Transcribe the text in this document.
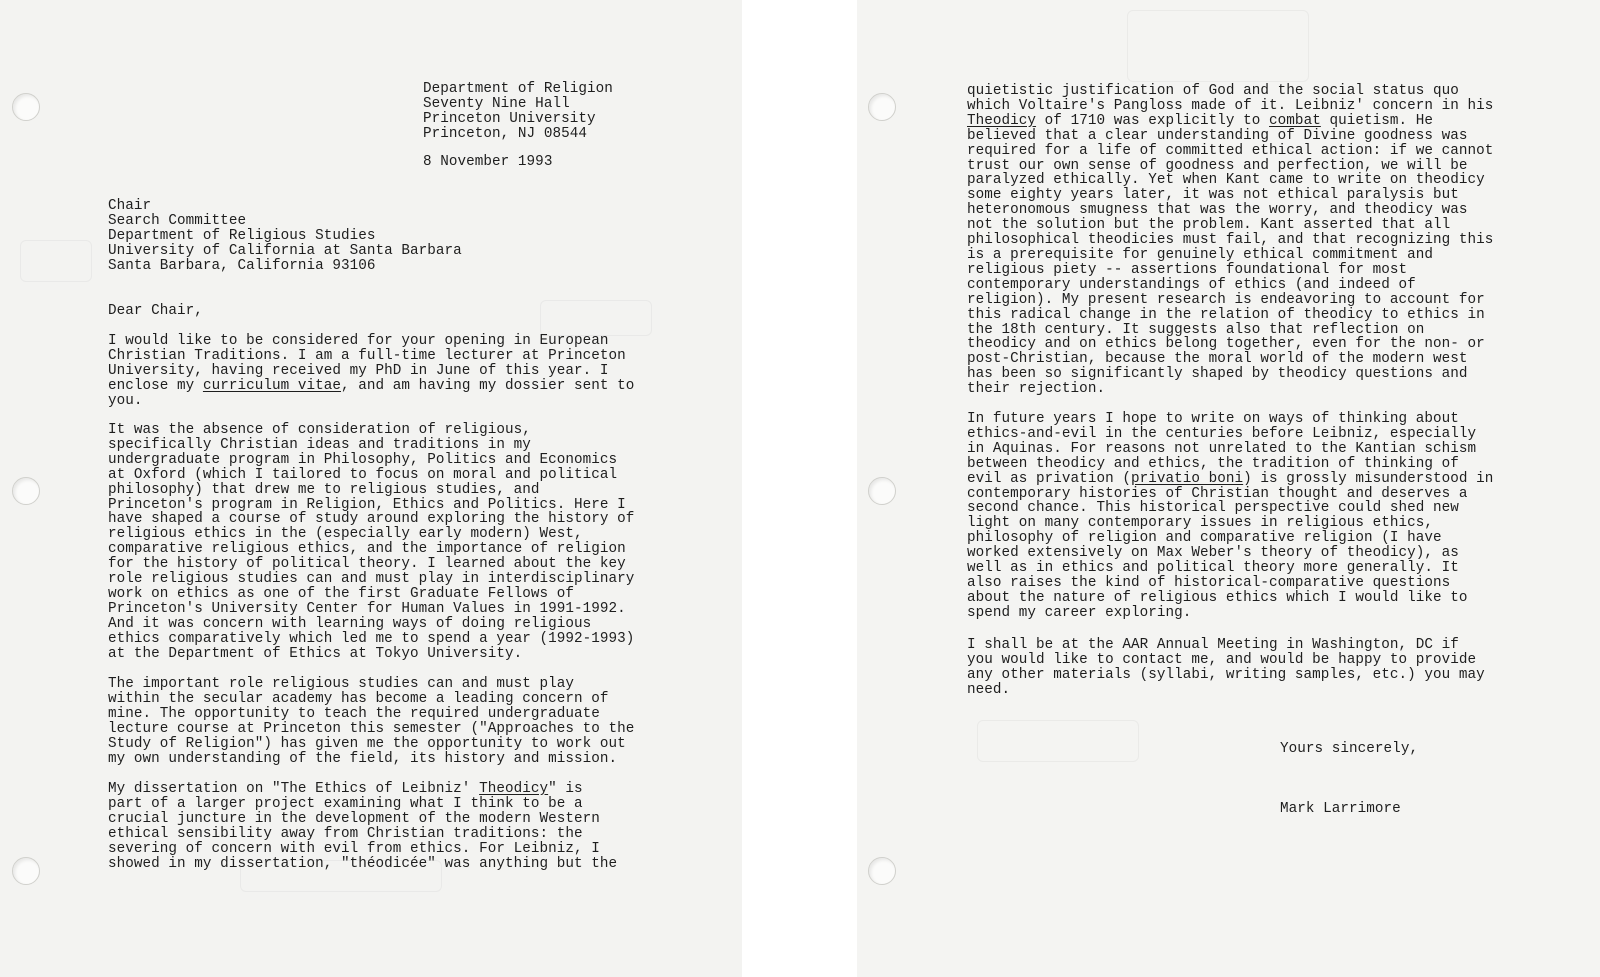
Department of Religion
Seventy Nine Hall
Princeton University
Princeton, NJ 08544
8 November 1993
Chair
Search Committee
Department of Religious Studies
University of California at Santa Barbara
Santa Barbara, California 93106
Dear Chair,

I would like to be considered for your opening in European
Christian Traditions. I am a full-time lecturer at Princeton
University, having received my PhD in June of this year. I
enclose my curriculum vitae, and am having my dossier sent to
you.

It was the absence of consideration of religious,
specifically Christian ideas and traditions in my
undergraduate program in Philosophy, Politics and Economics
at Oxford (which I tailored to focus on moral and political
philosophy) that drew me to religious studies, and
Princeton's program in Religion, Ethics and Politics. Here I
have shaped a course of study around exploring the history of
religious ethics in the (especially early modern) West,
comparative religious ethics, and the importance of religion
for the history of political theory. I learned about the key
role religious studies can and must play in interdisciplinary
work on ethics as one of the first Graduate Fellows of
Princeton's University Center for Human Values in 1991-1992.
And it was concern with learning ways of doing religious
ethics comparatively which led me to spend a year (1992-1993)
at the Department of Ethics at Tokyo University.

The important role religious studies can and must play
within the secular academy has become a leading concern of
mine. The opportunity to teach the required undergraduate
lecture course at Princeton this semester ("Approaches to the
Study of Religion") has given me the opportunity to work out
my own understanding of the field, its history and mission.

My dissertation on "The Ethics of Leibniz' Theodicy" is
part of a larger project examining what I think to be a
crucial juncture in the development of the modern Western
ethical sensibility away from Christian traditions: the
severing of concern with evil from ethics. For Leibniz, I
showed in my dissertation, "théodicée" was anything but the

quietistic justification of God and the social status quo
which Voltaire's Pangloss made of it. Leibniz' concern in his
Theodicy of 1710 was explicitly to combat quietism. He
believed that a clear understanding of Divine goodness was
required for a life of committed ethical action: if we cannot
trust our own sense of goodness and perfection, we will be
paralyzed ethically. Yet when Kant came to write on theodicy
some eighty years later, it was not ethical paralysis but
heteronomous smugness that was the worry, and theodicy was
not the solution but the problem. Kant asserted that all
philosophical theodicies must fail, and that recognizing this
is a prerequisite for genuinely ethical commitment and
religious piety -- assertions foundational for most
contemporary understandings of ethics (and indeed of
religion). My present research is endeavoring to account for
this radical change in the relation of theodicy to ethics in
the 18th century. It suggests also that reflection on
theodicy and on ethics belong together, even for the non- or
post-Christian, because the moral world of the modern west
has been so significantly shaped by theodicy questions and
their rejection.

In future years I hope to write on ways of thinking about
ethics-and-evil in the centuries before Leibniz, especially
in Aquinas. For reasons not unrelated to the Kantian schism
between theodicy and ethics, the tradition of thinking of
evil as privation (privatio boni) is grossly misunderstood in
contemporary histories of Christian thought and deserves a
second chance. This historical perspective could shed new
light on many contemporary issues in religious ethics,
philosophy of religion and comparative religion (I have
worked extensively on Max Weber's theory of theodicy), as
well as in ethics and political theory more generally. It
also raises the kind of historical-comparative questions
about the nature of religious ethics which I would like to
spend my career exploring.

I shall be at the AAR Annual Meeting in Washington, DC if
you would like to contact me, and would be happy to provide
any other materials (syllabi, writing samples, etc.) you may
need.

Yours sincerely,
Mark Larrimore
